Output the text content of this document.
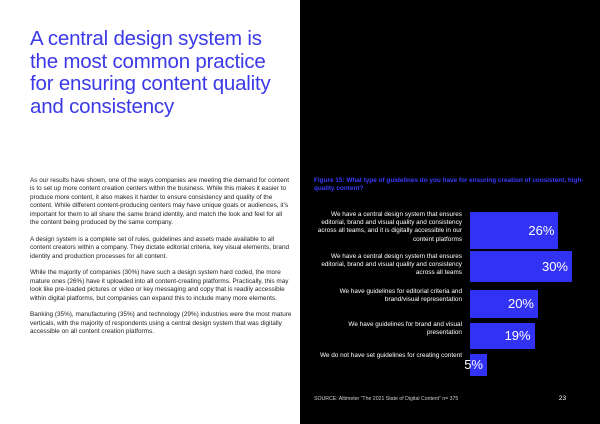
A central design system is the most common practice for ensuring content quality and consistency

As our results have shown, one of the ways companies are meeting the demand for content is to set up more content creation centers within the business. While this makes it easier to produce more content, it also makes it harder to ensure consistency and quality of the content. While different content-producing centers may have unique goals or audiences, it’s important for them to all share the same brand identity, and match the look and feel for all the content being produced by the same company.

A design system is a complete set of rules, guidelines and assets made available to all content creators within a company. They dictate editorial criteria, key visual elements, brand identity and production processes for all content.

While the majority of companies (30%) have such a design system hard coded, the more mature ones (26%) have it uploaded into all content-creating platforms. Practically, this may look like pre-loaded pictures or video or key messaging and copy that is readily accessible within digital platforms, but companies can expand this to include many more elements.

Banking (35%), manufacturing (35%) and technology (29%) industries were the most mature verticals, with the majority of respondents using a central design system that was digitally accessible on all content creation platforms.

Figure 15: What type of guidelines do you have for ensuring creation of consistent, high-quality content?
We have a central design system that ensures editorial, brand and visual quality and consistency across all teams, and it is digitally accessible in our content platforms
26%
We have a central design system that ensures editorial, brand and visual quality and consistency across all teams	30%
We have guidelines for editorial criteria and brand/visual representation	20%
We have guidelines for brand and visual presentation	19%
We do not have set guidelines for creating content
5%
SOURCE: Altimeter “The 2021 State of Digital Content” n= 375	23
